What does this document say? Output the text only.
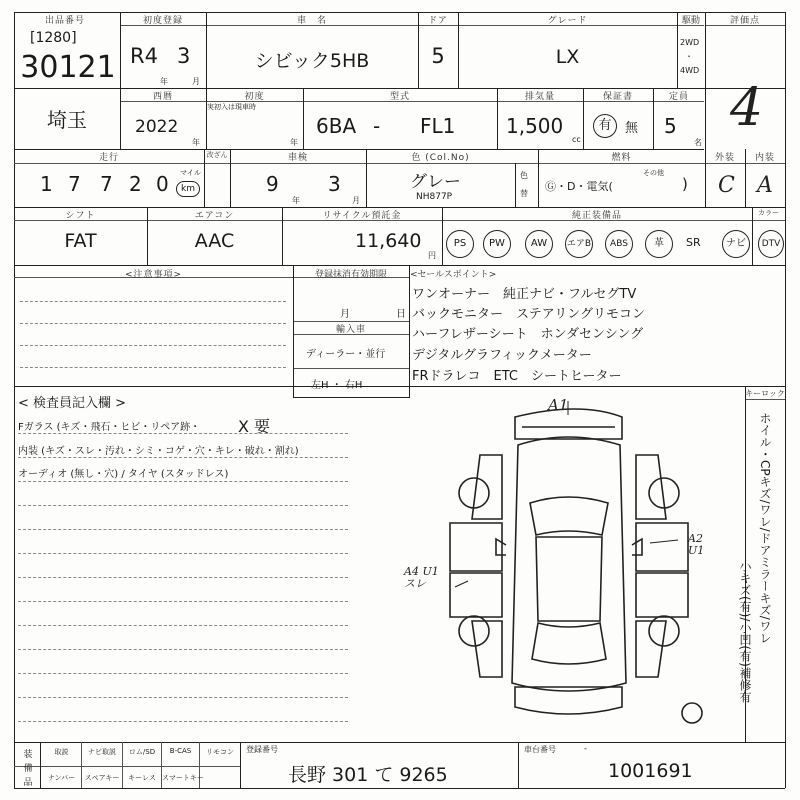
出品番号
[1280]
30121
初度登録
R4 3
年	月
車　名
シビック5HB
ドア
5
グレード
LX
駆動
2WD
・
4WD
評価点
4
埼玉
西暦
2022
年
初度
実初入は現車時
年
型式
6BA - FL1
排気量
1,500
cc
保証書
有	無
定員
5
名
走行
1 7 7 2 0 マイル
km
改ざん	車検
9 3
年	月
色 (Col.No)
グレー
NH877P
色
替
燃料
Ⓖ・D・電気(
その他
)
外装
C
内装
A
シフト
FAT
エアコン
AAC
リサイクル預託金
11,640
円
純正装備品	カラー
PS	PW	AW	エアB	ABS	革	SR	ナビ	DTV
<注意事項>	登録抹消有効期限
月	日
輸入車
ディーラー・並行
左H ・ 右H
<セールスポイント>
ワンオーナー　純正ナビ・フルセグTV
バックモニター　ステアリングリモコン
ハーフレザーシート　ホンダセンシング
デジタルグラフィックメーター
FRドラレコ　ETC　シートヒーター
< 検査員記入欄 >
Fガラス (キズ・飛石・ヒビ・リペア跡・ X 要
内装 (キズ・スレ・汚れ・シミ・コゲ・穴・キレ・破れ・割れ)
オーディオ (無し・穴) / タイヤ (スタッドレス)
キーロック
ホイル・CPキズ/ワレ/ドアミラーキズ/ワレ
小キズ(有)/小凹(有)補修有
A1
A2 U1
A4 U1 スレ
装備品
取説	ナビ取説	ロム/SD	B-CAS	リモコン
ナンバー	スペアキー	キーレス スマートキー
登録番号
長野 301 て 9265
車台番号	-
1001691
